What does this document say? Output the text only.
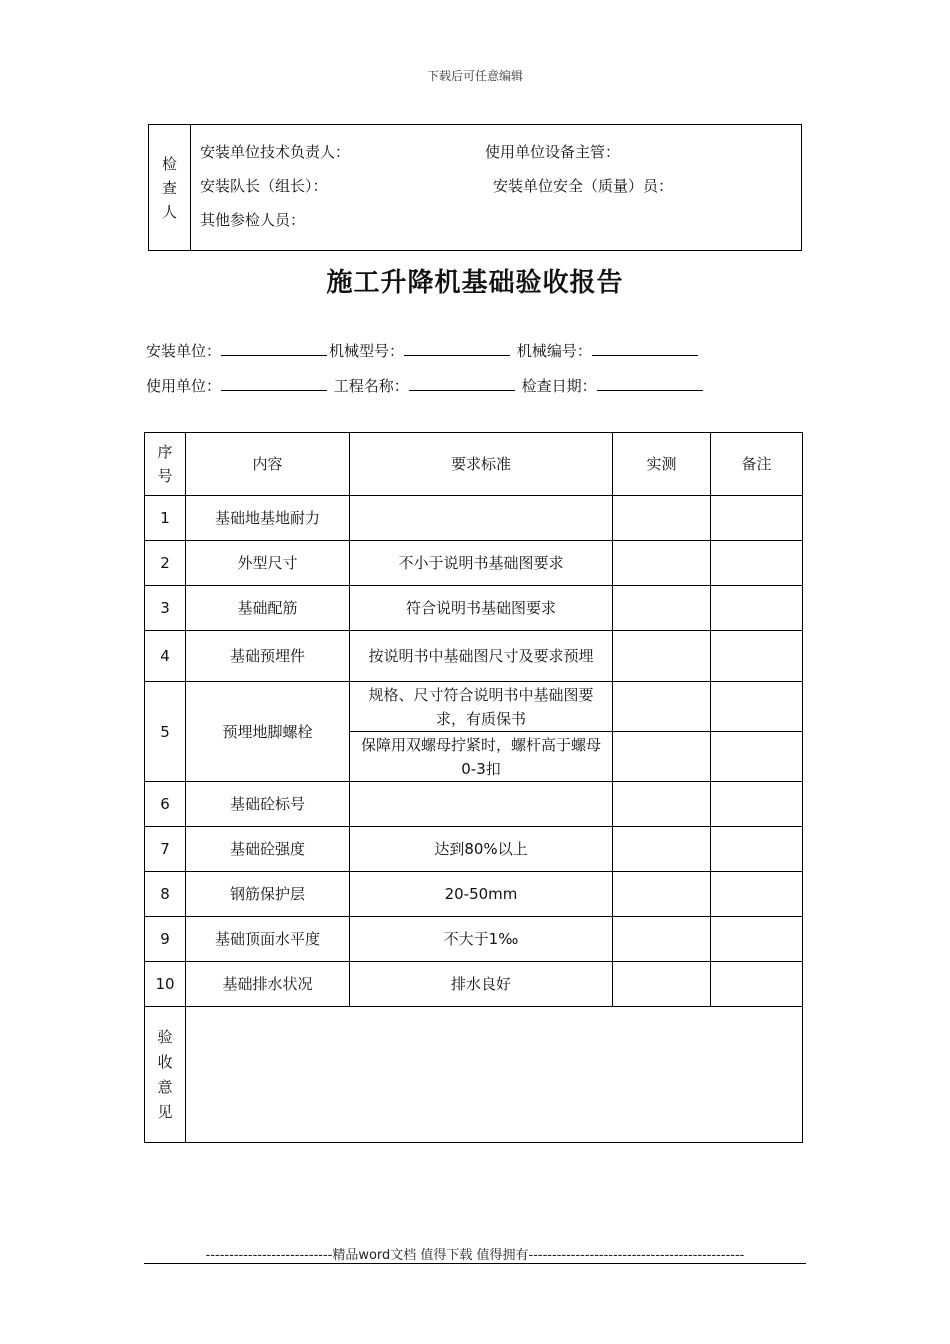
下载后可任意编辑
检
查
人
安装单位技术负责人：	使用单位设备主管：
安装队长（组长）：	安装单位安全（质量）员：
其他参检人员：
施工升降机基础验收报告
安装单位：	机械型号：	机械编号：
使用单位：	工程名称：	检查日期：
序
号	内容	要求标准	实测	备注
1	基础地基地耐力			
2	外型尺寸	不小于说明书基础图要求		
3	基础配筋	符合说明书基础图要求		
4	基础预埋件	按说明书中基础图尺寸及要求预埋		
5	预埋地脚螺栓	规格、尺寸符合说明书中基础图要求，有质保书		
		保障用双螺母拧紧时，螺杆高于螺母0-3扣		
6	基础砼标号			
7	基础砼强度	达到80%以上		
8	钢筋保护层	20-50mm		
9	基础顶面水平度	不大于1‰		
10	基础排水状况	排水良好		

验
收
意
见				

---------------------------精品word文档 值得下载 值得拥有----------------------------------------------
